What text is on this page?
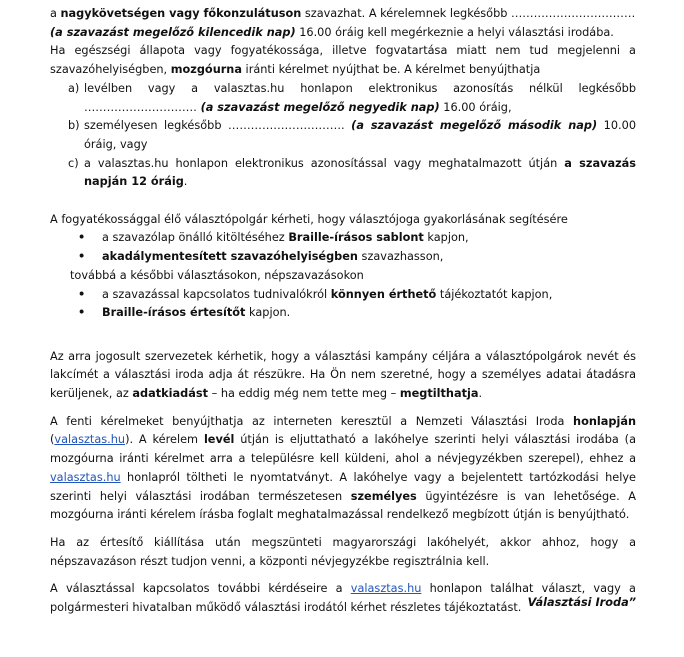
a nagykövetségen vagy főkonzulátuson szavazhat. A kérelemnek legkésőbb ……………………………

(a szavazást megelőző kilencedik nap) 16.00 óráig kell megérkeznie a helyi választási irodába.

Ha egészségi állapota vagy fogyatékossága, illetve fogvatartása miatt nem tud megjelenni a szavazóhelyiségben, mozgóurna iránti kérelmet nyújthat be. A kérelmet benyújthatja

a) levélben vagy a valasztas.hu honlapon elektronikus azonosítás nélkül legkésőbb ………………………… (a szavazást megelőző negyedik nap) 16.00 óráig,
b) személyesen legkésőbb …………………………. (a szavazást megelőző második nap) 10.00 óráig, vagy
c) a valasztas.hu honlapon elektronikus azonosítással vagy meghatalmazott útján a szavazás napján 12 óráig.

A fogyatékossággal élő választópolgár kérheti, hogy választójoga gyakorlásának segítésére

• a szavazólap önálló kitöltéséhez Braille-írásos sablont kapjon,
• akadálymentesített szavazóhelyiségben szavazhasson,

továbbá a későbbi választásokon, népszavazásokon

• a szavazással kapcsolatos tudnivalókról könnyen érthető tájékoztatót kapjon,
• Braille-írásos értesítőt kapjon.

Az arra jogosult szervezetek kérhetik, hogy a választási kampány céljára a választópolgárok nevét és lakcímét a választási iroda adja át részükre. Ha Ön nem szeretné, hogy a személyes adatai átadásra kerüljenek, az adatkiadást – ha eddig még nem tette meg – megtilthatja.

A fenti kérelmeket benyújthatja az interneten keresztül a Nemzeti Választási Iroda honlapján (valasztas.hu). A kérelem levél útján is eljuttatható a lakóhelye szerinti helyi választási irodába (a mozgóurna iránti kérelmet arra a településre kell küldeni, ahol a névjegyzékben szerepel), ehhez a valasztas.hu honlapról töltheti le nyomtatványt. A lakóhelye vagy a bejelentett tartózkodási helye szerinti helyi választási irodában természetesen személyes ügyintézésre is van lehetősége. A mozgóurna iránti kérelem írásba foglalt meghatalmazással rendelkező megbízott útján is benyújtható.

Ha az értesítő kiállítása után megszünteti magyarországi lakóhelyét, akkor ahhoz, hogy a népszavazáson részt tudjon venni, a központi névjegyzékbe regisztrálnia kell.

A választással kapcsolatos további kérdéseire a valasztas.hu honlapon találhat választ, vagy a polgármesteri hivatalban működő választási irodától kérhet részletes tájékoztatást. Választási Iroda”
